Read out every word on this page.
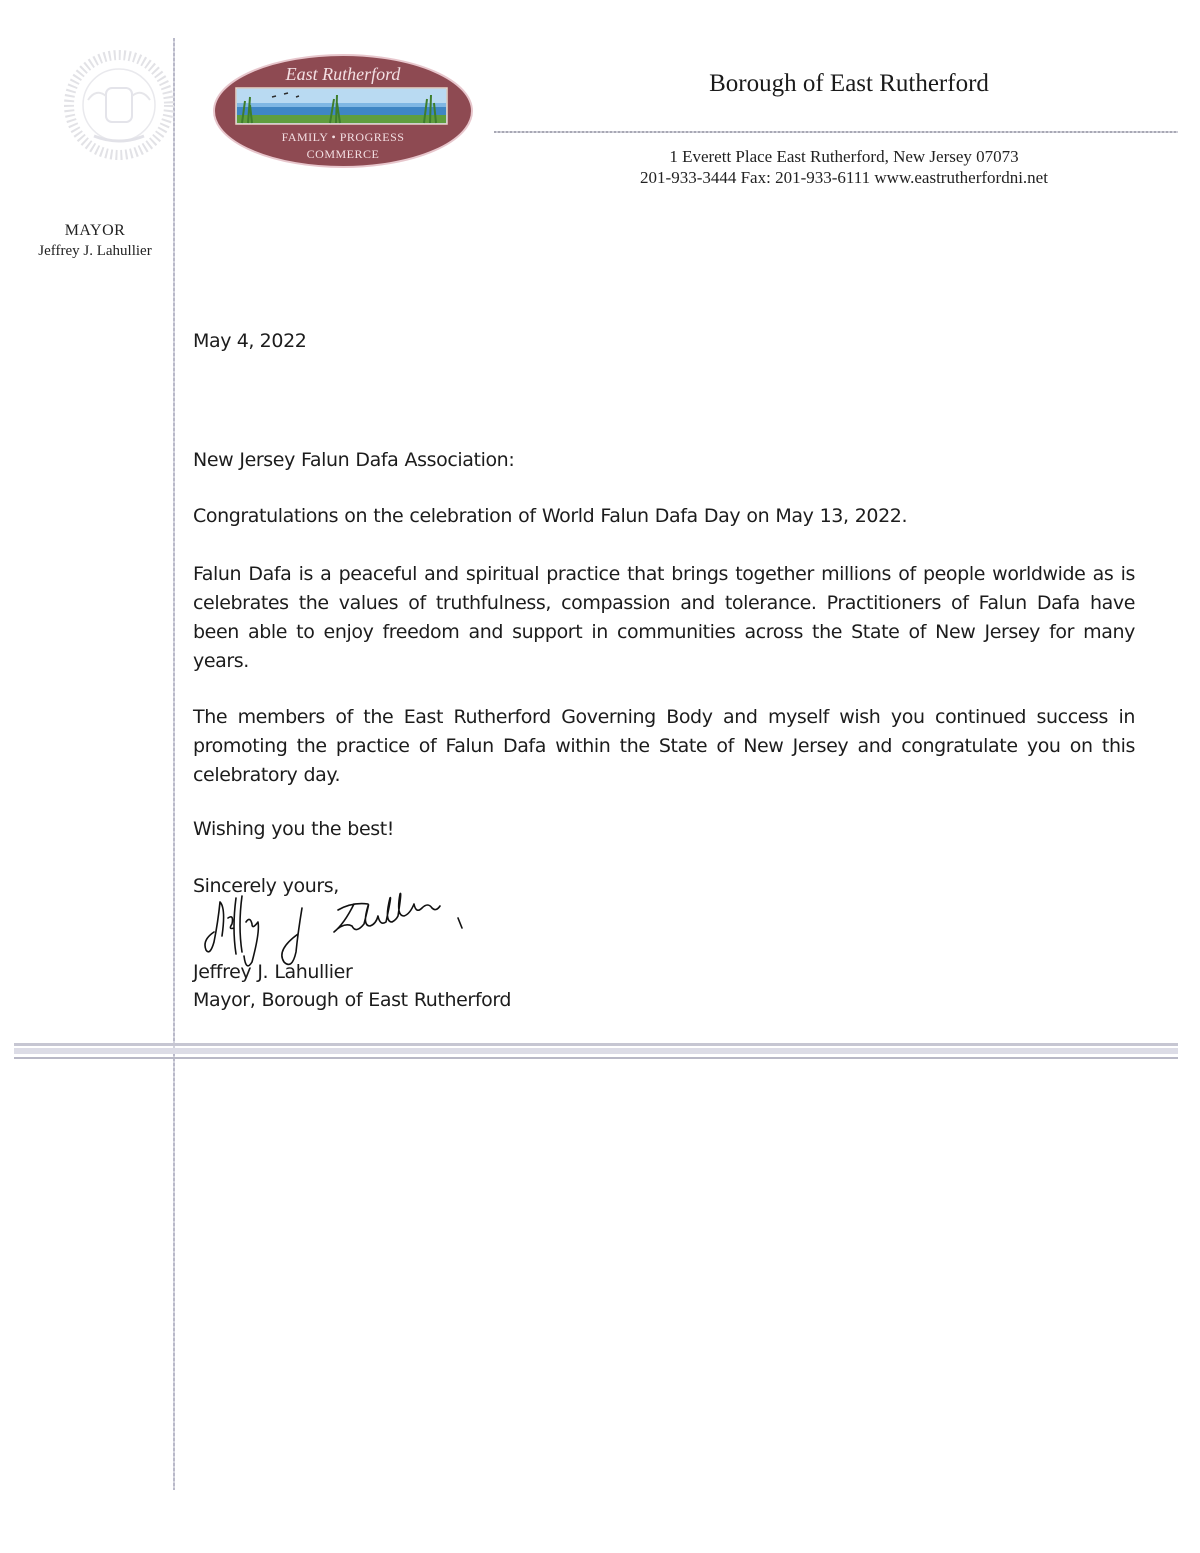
MAYOR
Jeffrey J. Lahullier
East Rutherford
FAMILY • PROGRESS
COMMERCE
Borough of East Rutherford
1 Everett Place East Rutherford, New Jersey 07073
201-933-3444 Fax: 201-933-6111 www.eastrutherfordni.net
May 4, 2022

New Jersey Falun Dafa Association:

Congratulations on the celebration of World Falun Dafa Day on May 13, 2022.

Falun Dafa is a peaceful and spiritual practice that brings together millions of people worldwide as is celebrates the values of truthfulness, compassion and tolerance. Practitioners of Falun Dafa have been able to enjoy freedom and support in communities across the State of New Jersey for many years.

The members of the East Rutherford Governing Body and myself wish you continued success in promoting the practice of Falun Dafa within the State of New Jersey and congratulate you on this celebratory day.

Wishing you the best!

Sincerely yours,

Jeffrey J. Lahullier

Mayor, Borough of East Rutherford
